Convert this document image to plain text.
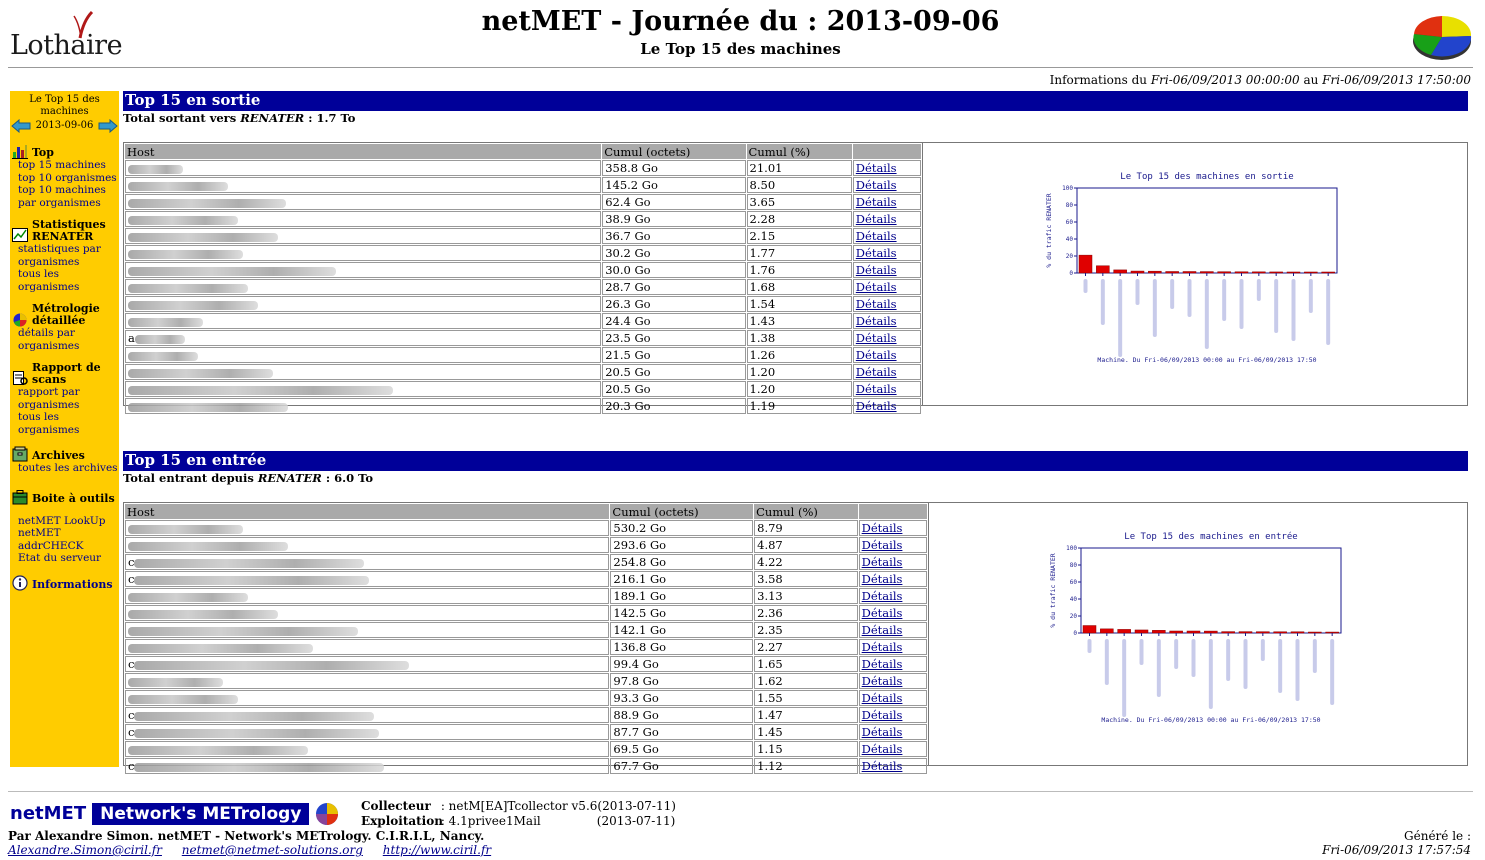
Lothaire
netMET - Journée du : 2013-09-06
Le Top 15 des machines
Informations du Fri-06/09/2013 00:00:00 au Fri-06/09/2013 17:50:00
Le Top 15 des machines
2013-09-06
Top
top 15 machines
top 10 organismes
top 10 machines par organismes
Statistiques RENATER
statistiques par organismes
tous les organismes
Métrologie détaillée
détails par organismes
Rapport de scans
rapport par organismes
tous les organismes
Archives
toutes les archives
Boite à outils
netMET LookUp
netMET addrCHECK
Etat du serveur
Informations
Top 15 en sortie
Total sortant vers RENATER : 1.7 To
Host	Cumul (octets)	Cumul (%)	
	358.8 Go	21.01	Détails
	145.2 Go	8.50	Détails
	62.4 Go	3.65	Détails
	38.9 Go	2.28	Détails
	36.7 Go	2.15	Détails
	30.2 Go	1.77	Détails
	30.0 Go	1.76	Détails
	28.7 Go	1.68	Détails
	26.3 Go	1.54	Détails
	24.4 Go	1.43	Détails
a	23.5 Go	1.38	Détails
	21.5 Go	1.26	Détails
	20.5 Go	1.20	Détails
	20.5 Go	1.20	Détails
	20.3 Go	1.19	Détails
Le Top 15 des machines en sortie
% du trafic RENATER
0
20
40
60
80
100
Machine. Du Fri-06/09/2013 00:00 au Fri-06/09/2013 17:50
Top 15 en entrée
Total entrant depuis RENATER : 6.0 To
Host	Cumul (octets)	Cumul (%)	
	530.2 Go	8.79	Détails
	293.6 Go	4.87	Détails
c	254.8 Go	4.22	Détails
c	216.1 Go	3.58	Détails
	189.1 Go	3.13	Détails
	142.5 Go	2.36	Détails
	142.1 Go	2.35	Détails
	136.8 Go	2.27	Détails
c	99.4 Go	1.65	Détails
	97.8 Go	1.62	Détails
	93.3 Go	1.55	Détails
c	88.9 Go	1.47	Détails
c	87.7 Go	1.45	Détails
	69.5 Go	1.15	Détails
c	67.7 Go	1.12	Détails
Le Top 15 des machines en entrée
% du trafic RENATER
0
20
40
60
80
100
Machine. Du Fri-06/09/2013 00:00 au Fri-06/09/2013 17:50
netMET Network's METrology	Collecteur : netM[EA]Tcollector v5.6(2013-07-11)
Exploitation : 4.1privee1Mail	(2013-07-11)
Par Alexandre Simon. netMET - Network's METrology. C.I.R.I.L, Nancy.
Alexandre.Simon@ciril.fr netmet@netmet-solutions.org http://www.ciril.fr
Généré le :
Fri-06/09/2013 17:57:54
